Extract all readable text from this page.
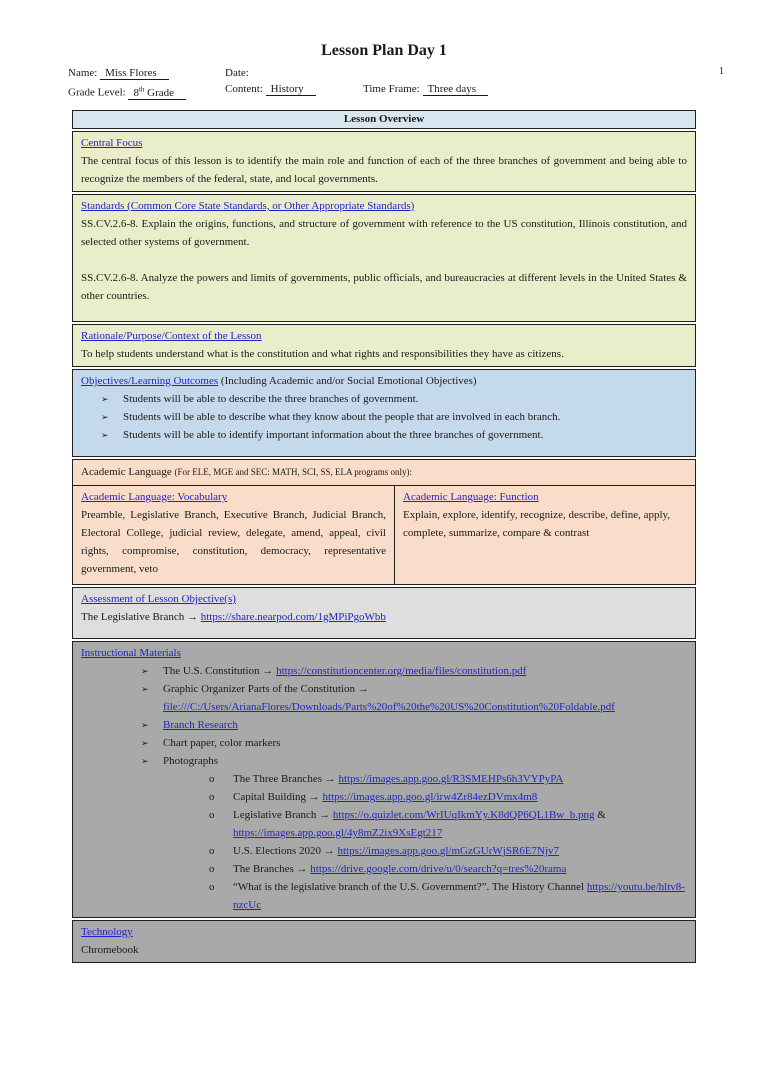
1
Lesson Plan Day 1
Name: Miss Flores	Date:
Grade Level: 8th Grade	Content: History	Time Frame: Three days
Lesson Overview
Central Focus
The central focus of this lesson is to identify the main role and function of each of the three branches of government and being able to recognize the members of the federal, state, and local governments.
Standards (Common Core State Standards, or Other Appropriate Standards)
SS.CV.2.6-8. Explain the origins, functions, and structure of government with reference to the US constitution, Illinois constitution, and selected other systems of government.
SS.CV.2.6-8. Analyze the powers and limits of governments, public officials, and bureaucracies at different levels in the United States & other countries.
Rationale/Purpose/Context of the Lesson
To help students understand what is the constitution and what rights and responsibilities they have as citizens.
Objectives/Learning Outcomes (Including Academic and/or Social Emotional Objectives)
➢	Students will be able to describe the three branches of government.
➢	Students will be able to describe what they know about the people that are involved in each branch.
➢	Students will be able to identify important information about the three branches of government.
Academic Language (For ELE, MGE and SEC: MATH, SCI, SS, ELA programs only):
Academic Language: Vocabulary
Preamble, Legislative Branch, Executive Branch, Judicial Branch, Electoral College, judicial review, delegate, amend, appeal, civil rights, compromise, constitution, democracy, representative government, veto
Academic Language: Function
Explain, explore, identify, recognize, describe, define, apply, complete, summarize, compare & contrast
Assessment of Lesson Objective(s)
The Legislative Branch → https://share.nearpod.com/1gMPiPgoWbb
Instructional Materials
➢	The U.S. Constitution → https://constitutioncenter.org/media/files/constitution.pdf
➢	Graphic Organizer Parts of the Constitution → file:///C:/Users/ArianaFlores/Downloads/Parts%20of%20the%20US%20Constitution%20Foldable.pdf
➢	Branch Research
➢	Chart paper, color markers
➢	Photographs
o	The Three Branches → https://images.app.goo.gl/R3SMEHPs6h3VYPyPA
o	Capital Building → https://images.app.goo.gl/irw4Zr84ezDVmx4m8
o	Legislative Branch → https://o.quizlet.com/WrIUqIkmYy.K8dQP6QL1Bw_b.png & https://images.app.goo.gl/4y8mZ2ix9XsEgt217
o	U.S. Elections 2020 → https://images.app.goo.gl/mGzGUrWjSR6E7Njv7
o	The Branches → https://drive.google.com/drive/u/0/search?q=tres%20rama
o	“What is the legislative branch of the U.S. Government?”. The History Channel https://youtu.be/hltv8-nzcUc
Technology
Chromebook
